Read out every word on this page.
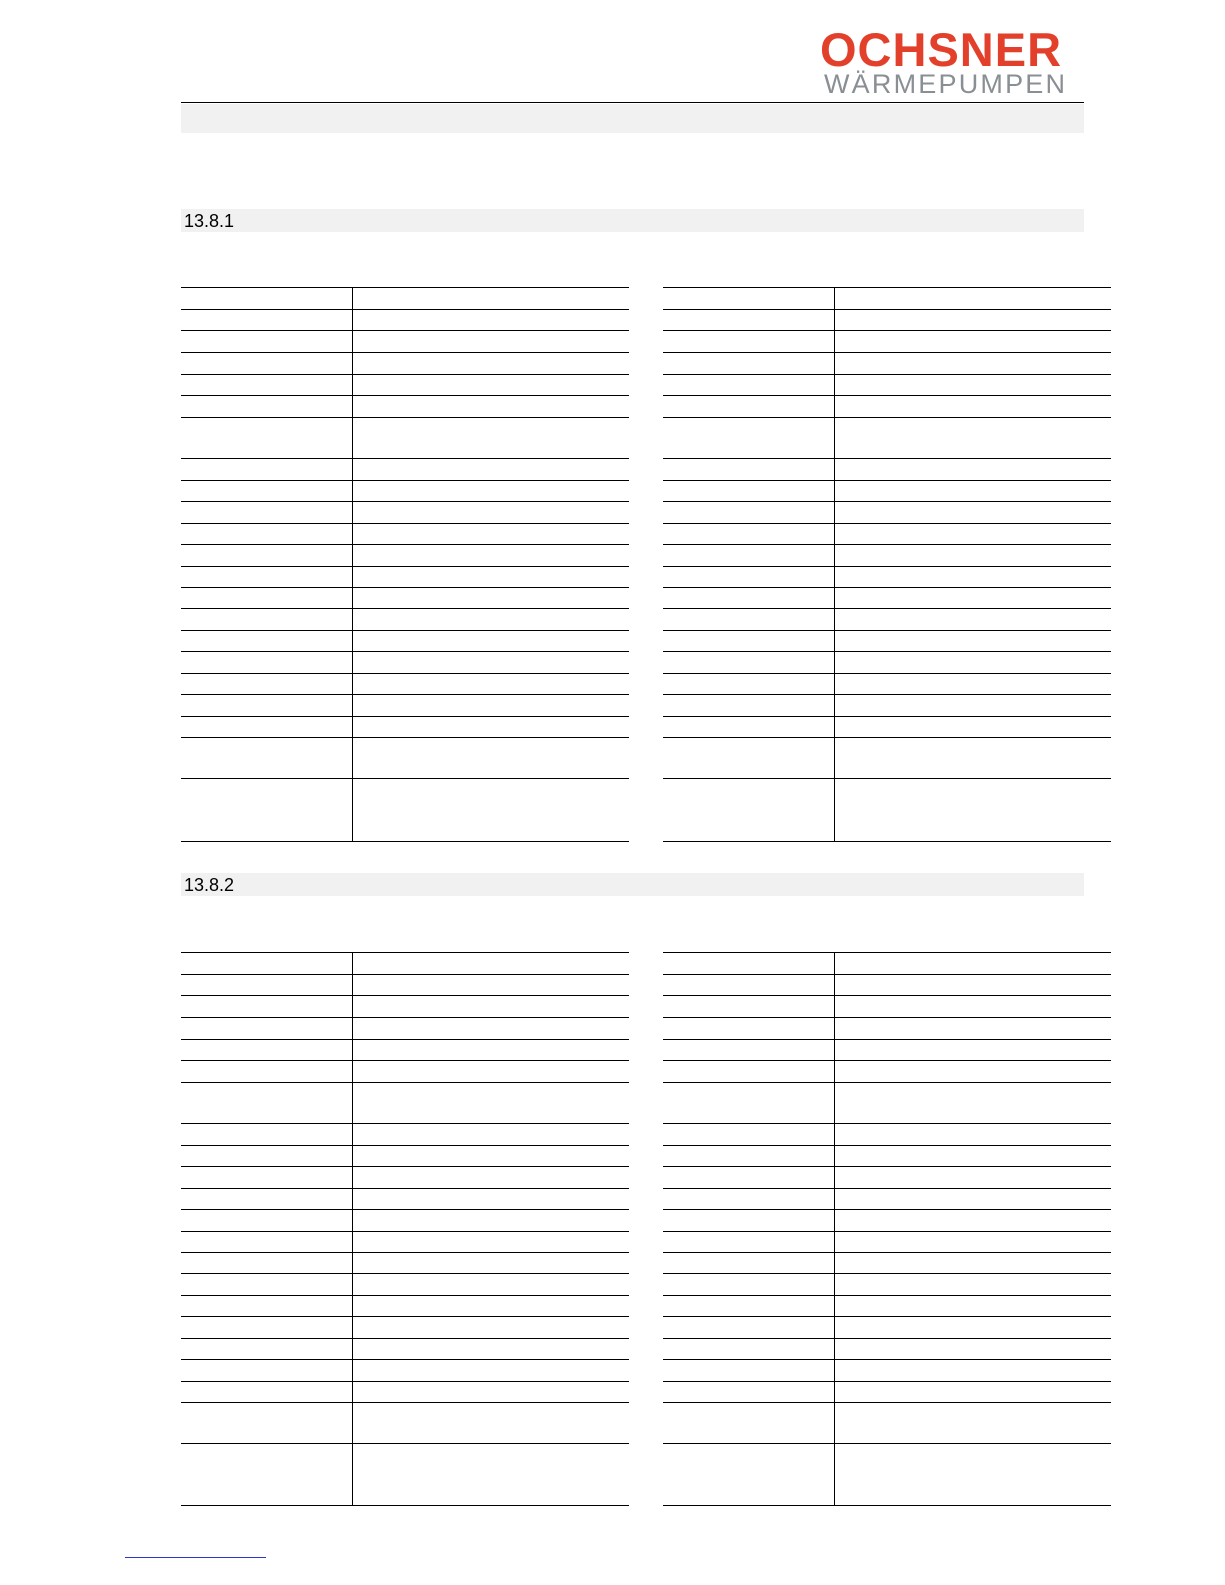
OCHSNER
WÄRMEPUMPEN
13.8.1
13.8.2
